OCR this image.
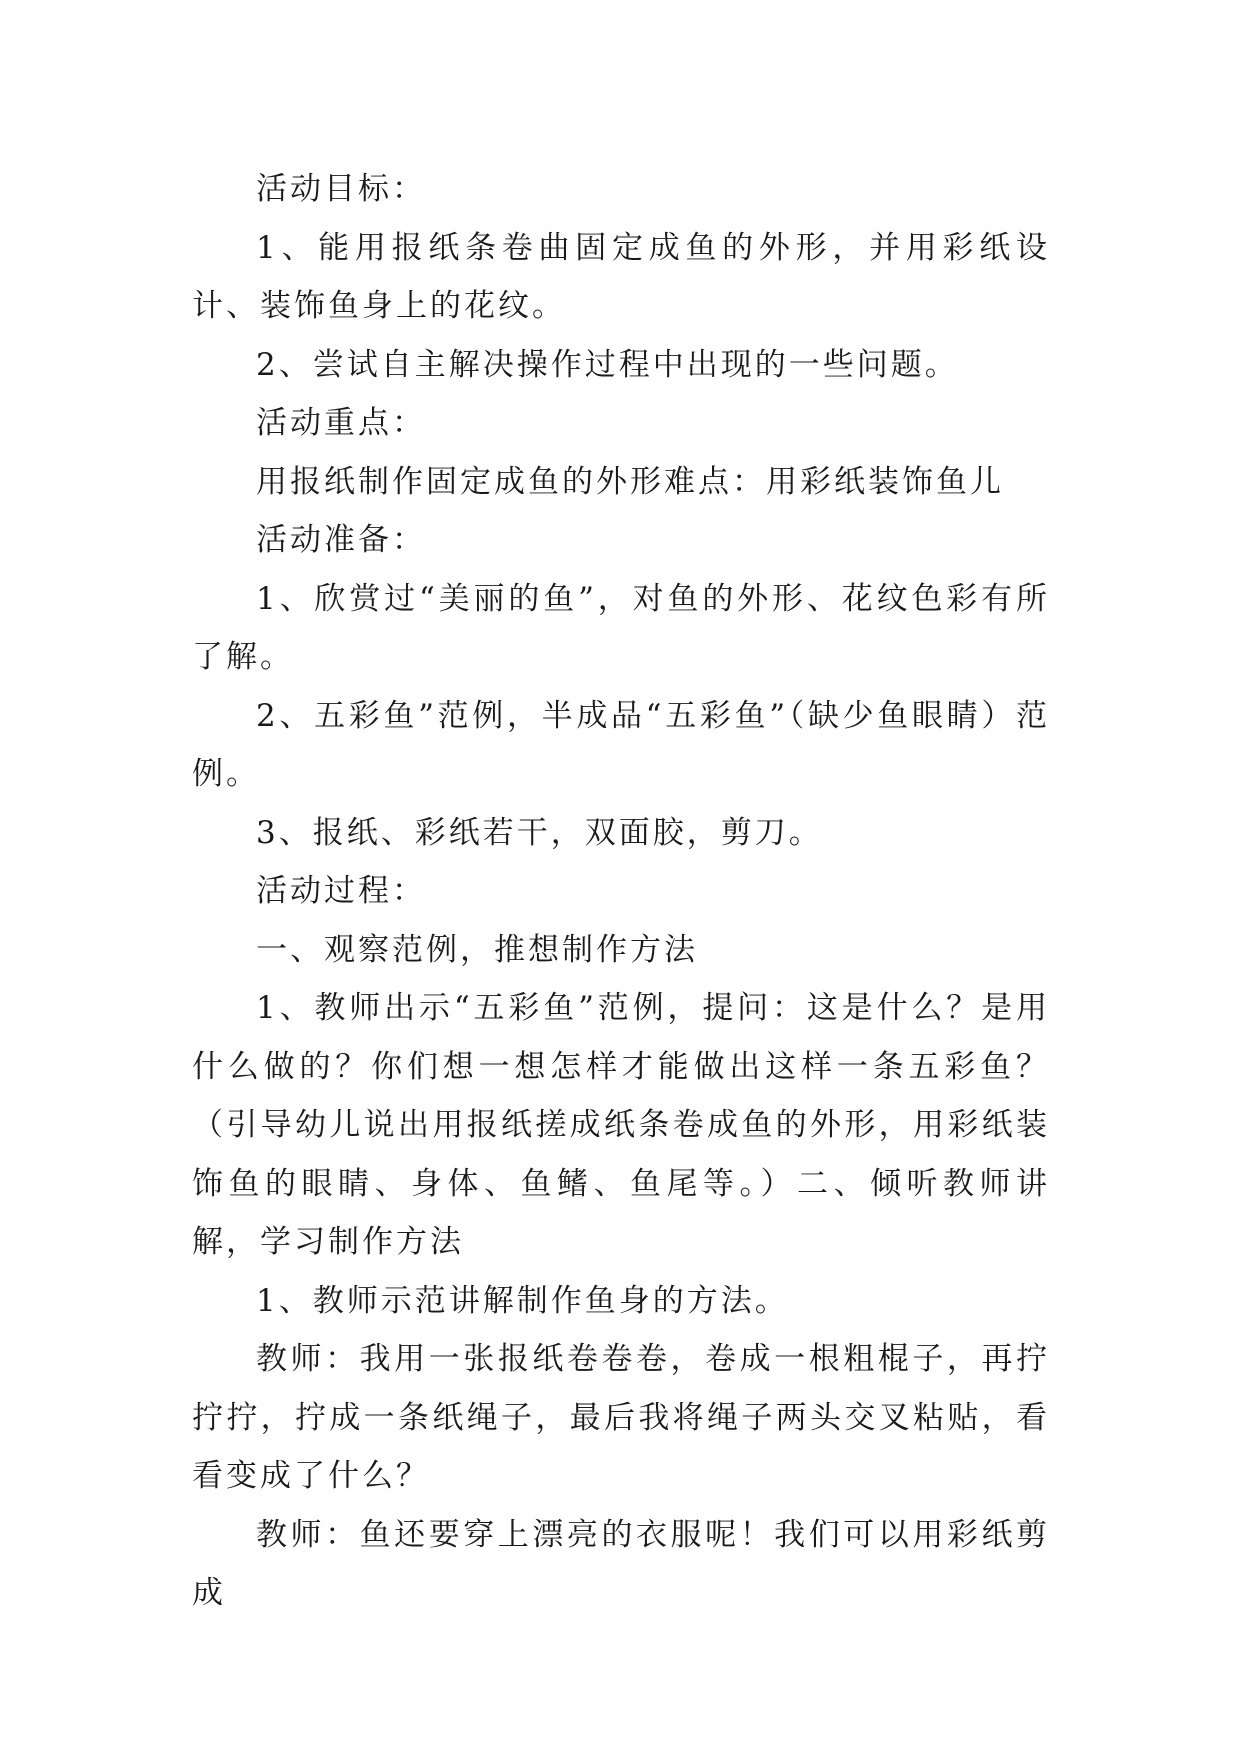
活动目标：

1、能用报纸条卷曲固定成鱼的外形，并用彩纸设计、装饰鱼身上的花纹。

2、尝试自主解决操作过程中出现的一些问题。

活动重点：

用报纸制作固定成鱼的外形难点：用彩纸装饰鱼儿

活动准备：

1、欣赏过“美丽的鱼”，对鱼的外形、花纹色彩有所了解。

2、五彩鱼”范例，半成品“五彩鱼”（缺少鱼眼睛）范例。

3、报纸、彩纸若干，双面胶，剪刀。

活动过程：

一、观察范例，推想制作方法

1、教师出示“五彩鱼”范例，提问：这是什么？是用什么做的？你们想一想怎样才能做出这样一条五彩鱼？（引导幼儿说出用报纸搓成纸条卷成鱼的外形，用彩纸装饰鱼的眼睛、身体、鱼鳍、鱼尾等。）二、倾听教师讲解，学习制作方法

1、教师示范讲解制作鱼身的方法。

教师：我用一张报纸卷卷卷，卷成一根粗棍子，再拧拧拧，拧成一条纸绳子，最后我将绳子两头交叉粘贴，看看变成了什么？

教师：鱼还要穿上漂亮的衣服呢！我们可以用彩纸剪成
